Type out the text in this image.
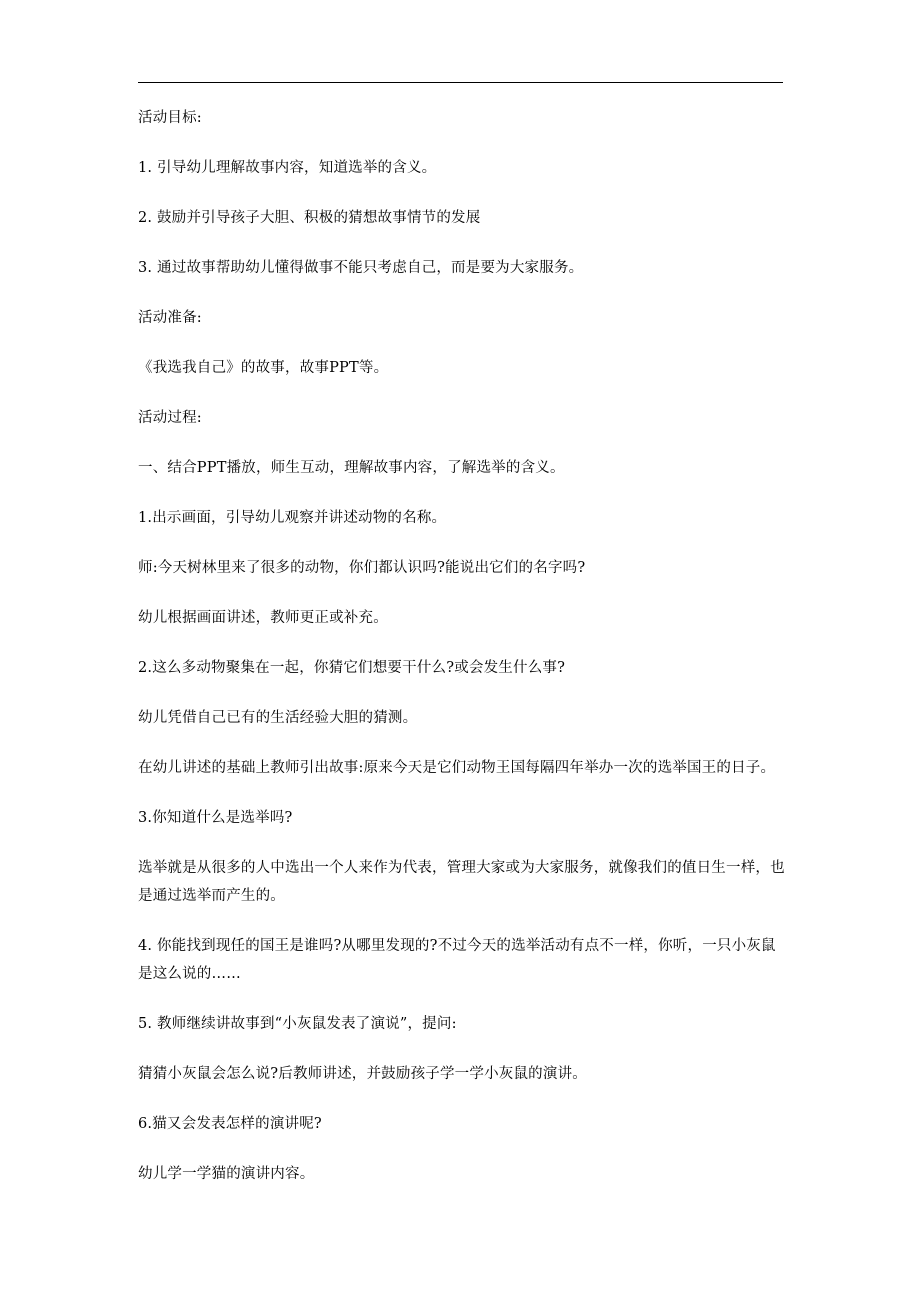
活动目标:

1. 引导幼儿理解故事内容，知道选举的含义。

2. 鼓励并引导孩子大胆、积极的猜想故事情节的发展

3. 通过故事帮助幼儿懂得做事不能只考虑自己，而是要为大家服务。

活动准备:

《我选我自己》的故事，故事PPT等。

活动过程:

一、结合PPT播放，师生互动，理解故事内容，了解选举的含义。

1.出示画面，引导幼儿观察并讲述动物的名称。

师:今天树林里来了很多的动物，你们都认识吗?能说出它们的名字吗?

幼儿根据画面讲述，教师更正或补充。

2.这么多动物聚集在一起，你猜它们想要干什么?或会发生什么事?

幼儿凭借自己已有的生活经验大胆的猜测。

在幼儿讲述的基础上教师引出故事:原来今天是它们动物王国每隔四年举办一次的选举国王的日子。

3.你知道什么是选举吗?

选举就是从很多的人中选出一个人来作为代表，管理大家或为大家服务，就像我们的值日生一样，也是通过选举而产生的。

4. 你能找到现任的国王是谁吗?从哪里发现的?不过今天的选举活动有点不一样，你听，一只小灰鼠是这么说的……

5. 教师继续讲故事到“小灰鼠发表了演说”，提问:

猜猜小灰鼠会怎么说?后教师讲述，并鼓励孩子学一学小灰鼠的演讲。

6.猫又会发表怎样的演讲呢?

幼儿学一学猫的演讲内容。
